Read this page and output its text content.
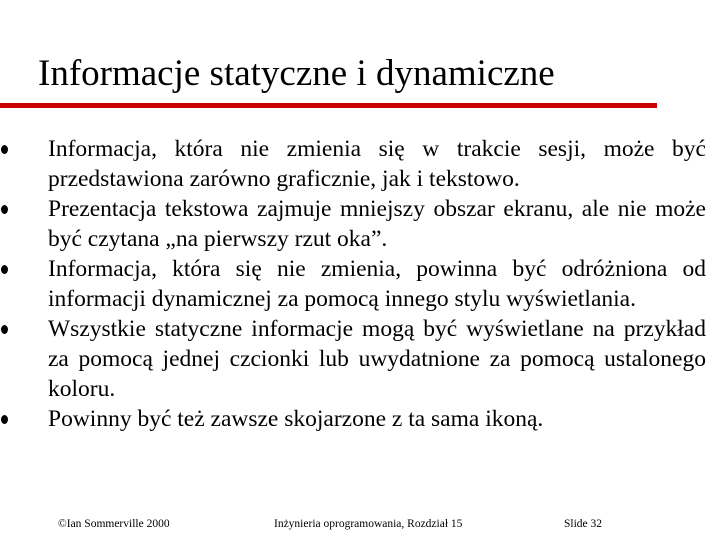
Informacje statyczne i dynamiczne
Informacja, która nie zmienia się w trakcie sesji, może być przedstawiona zarówno graficznie, jak i tekstowo.
Prezentacja tekstowa zajmuje mniejszy obszar ekranu, ale nie może być czytana „na pierwszy rzut oka”.
Informacja, która się nie zmienia, powinna być odróżniona od informacji dynamicznej za pomocą innego stylu wyświetlania.
Wszystkie statyczne informacje mogą być wyświetlane na przykład za pomocą jednej czcionki lub uwydatnione za pomocą ustalonego koloru.
Powinny być też zawsze skojarzone z ta sama ikoną.
©Ian Sommerville 2000	Inżynieria oprogramowania, Rozdział 15	Slide 32
